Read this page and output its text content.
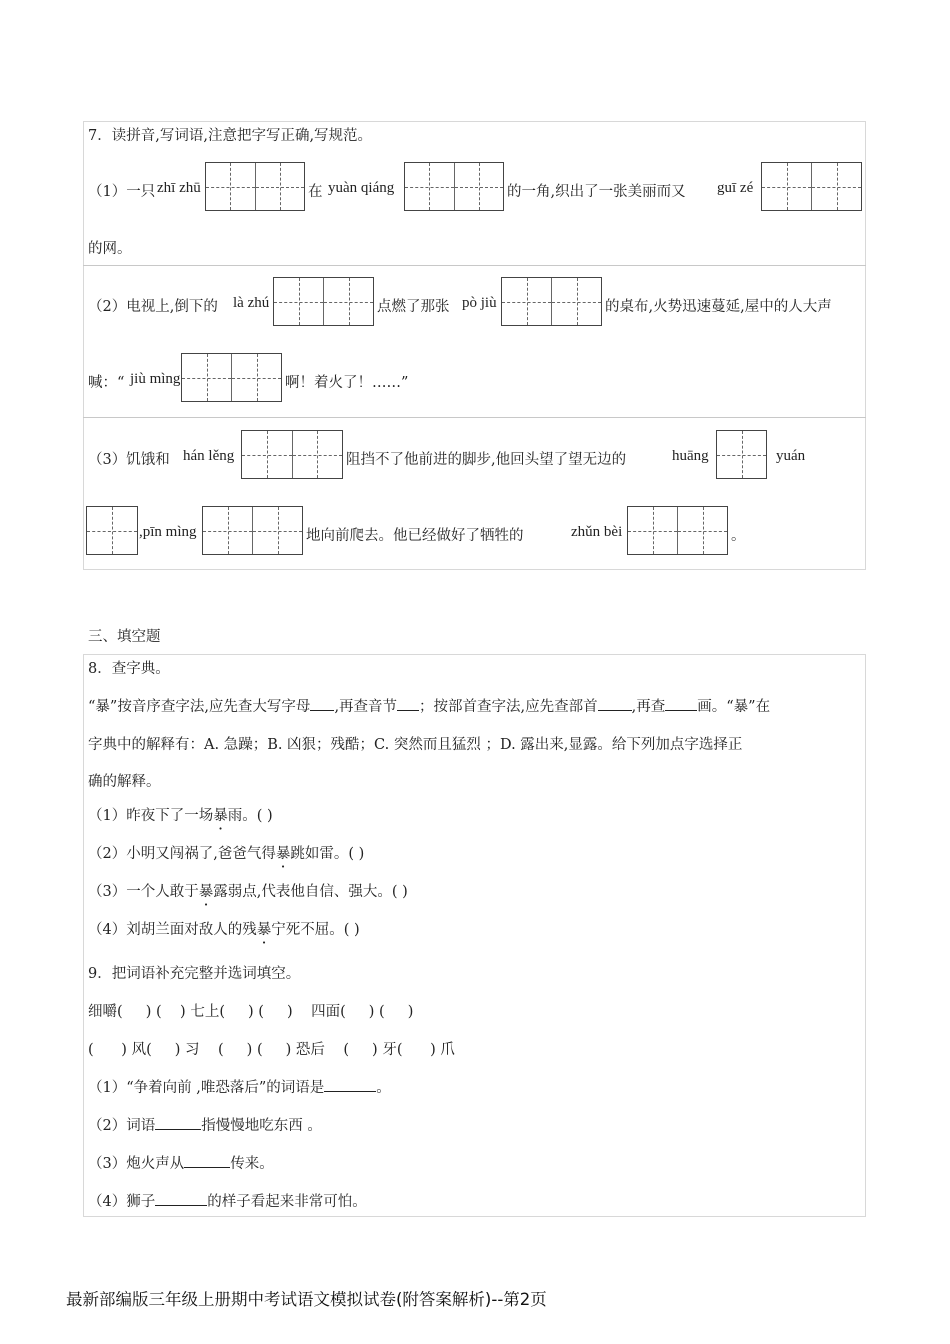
7．读拼音,写词语,注意把字写正确,写规范。
（1）一只 zhī zhū	在 yuàn qiáng	的一角,织出了一张美丽而又 guī zé
的网。
（2）电视上,倒下的 là zhú	点燃了那张 pò jiù	的桌布,火势迅速蔓延,屋中的人大声
喊：“ jiù mìng	啊！着火了！……”
（3）饥饿和 hán lěng	阻挡不了他前进的脚步,他回头望了望无边的	huāng	yuán
,pīn mìng	地向前爬去。他已经做好了牺牲的	zhǔn bèi	。
三、填空题
8．查字典。
“暴”按音序查字法,应先查大写字母 ,再查音节 ；按部首查字法,应先查部首 ,再查 画。“暴”在
字典中的解释有：A. 急躁；B. 凶狠；残酷；C. 突然而且猛烈 ；D. 露出来,显露。给下列加点字选择正
确的解释。
（1）昨夜下了一场暴雨。( )
（2）小明又闯祸了,爸爸气得暴跳如雷。( )
（3）一个人敢于暴露弱点,代表他自信、强大。( )
（4）刘胡兰面对敌人的残暴宁死不屈。( )
9．把词语补充完整并选词填空。
细嚼(     ) (    ) 七上(     ) (     )    四面(     ) (     )
(      ) 风(     ) 习    (     ) (     ) 恐后    (     ) 牙(      ) 爪
（1）“争着向前 ,唯恐落后”的词语是	。
（2）词语	指慢慢地吃东西 。
（3）炮火声从	传来。
（4）狮子	的样子看起来非常可怕。
最新部编版三年级上册期中考试语文模拟试卷(附答案解析)--第2页
